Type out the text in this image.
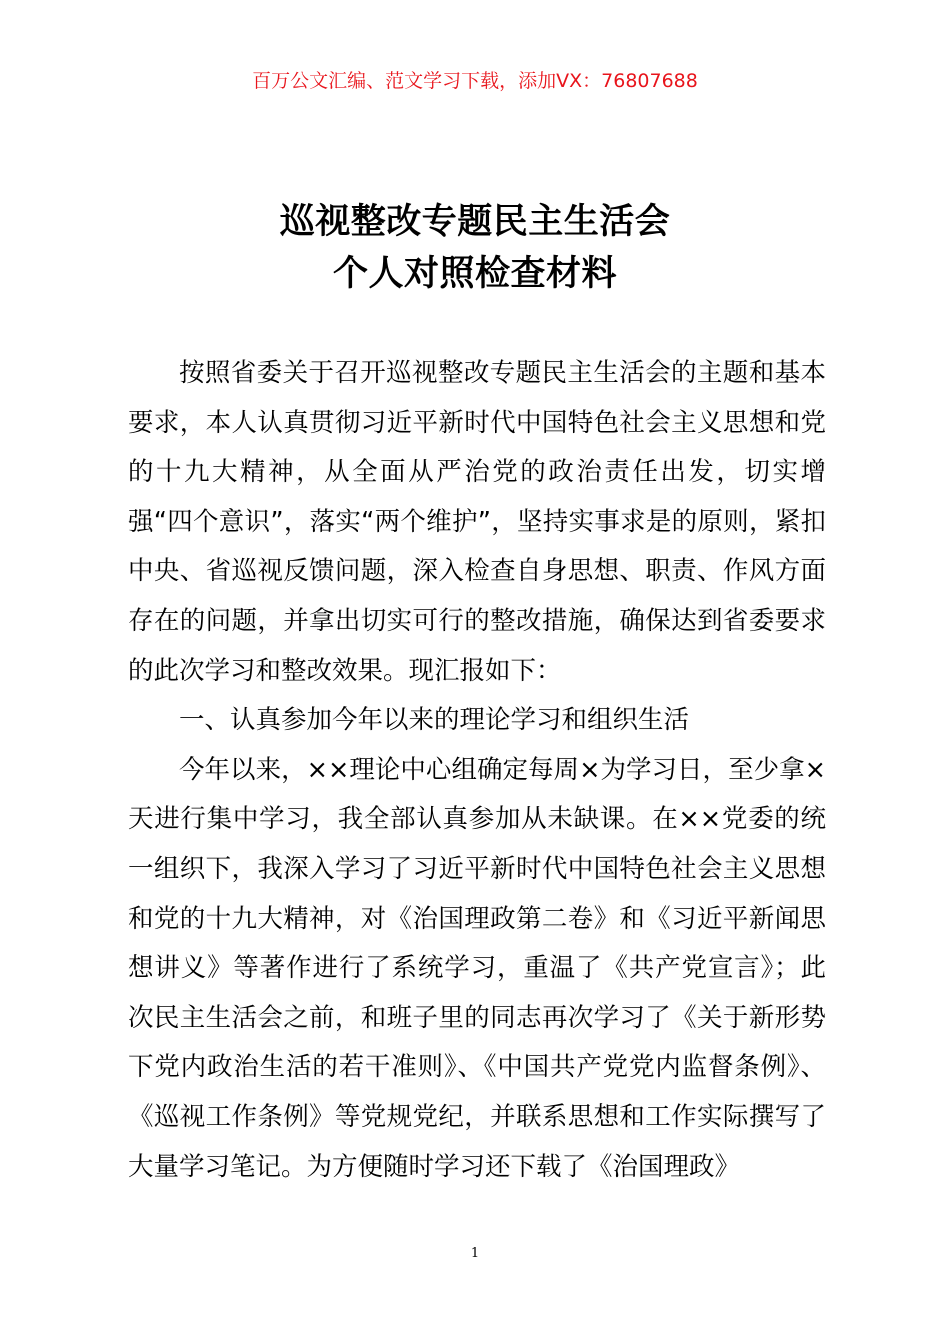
百万公文汇编、范文学习下载，添加VX：76807688
巡视整改专题民主生活会
个人对照检查材料

按照省委关于召开巡视整改专题民主生活会的主题和基本要求，本人认真贯彻习近平新时代中国特色社会主义思想和党的十九大精神，从全面从严治党的政治责任出发，切实增强“四个意识”，落实“两个维护”，坚持实事求是的原则，紧扣中央、省巡视反馈问题，深入检查自身思想、职责、作风方面存在的问题，并拿出切实可行的整改措施，确保达到省委要求的此次学习和整改效果。现汇报如下：

一、认真参加今年以来的理论学习和组织生活

今年以来，××理论中心组确定每周×为学习日，至少拿×天进行集中学习，我全部认真参加从未缺课。在××党委的统一组织下，我深入学习了习近平新时代中国特色社会主义思想和党的十九大精神，对《治国理政第二卷》和《习近平新闻思想讲义》等著作进行了系统学习，重温了《共产党宣言》；此次民主生活会之前，和班子里的同志再次学习了《关于新形势下党内政治生活的若干准则》、《中国共产党党内监督条例》、《巡视工作条例》等党规党纪，并联系思想和工作实际撰写了大量学习笔记。为方便随时学习还下载了《治国理政》

1
